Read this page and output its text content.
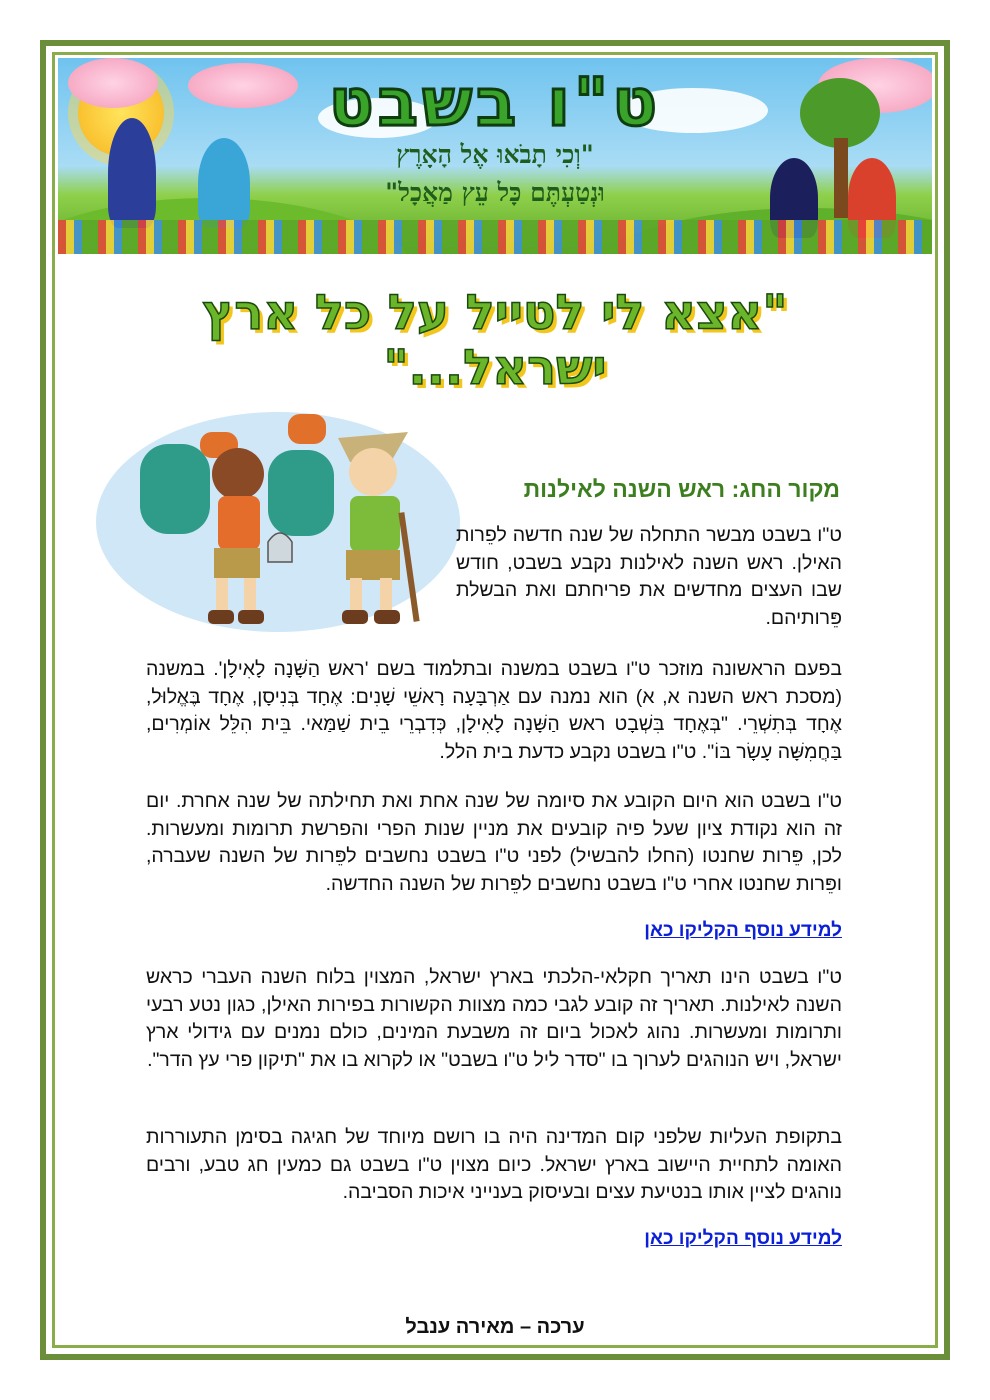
ט"ו בשבט
"וְכִי תָבֹאוּ אֶל הָאָרֶץ
וּנְטַעְתֶּם כָּל עֵץ מַאֲכָל"
"אצא לי לטייל על כל ארץ
ישראל..."
מקור החג: ראש השנה לאילנות

ט"ו בשבט מבשר התחלה של שנה חדשה לפֵרות האילן. ראש השנה לאילנות נקבע בשבט, חודש שבו העצים מחדשים את פריחתם ואת הבשלת פֵּרותיהם.

בפעם הראשונה מוזכר ט"ו בשבט במשנה ובתלמוד בשם 'ראש הַשָּׁנָה לָאִילָן'. במשנה (מסכת ראש השנה א, א) הוא נמנה עם אַרְבָּעָה רָאשֵׁי שָׁנִים: אֶחָד בְּנִיסָן, אֶחָד בֶּאֱלוּל, אֶחָד בְּתִשְׁרֵי. "בְּאֶחָד בִּשְׁבָט ראש הַשָּׁנָה לָאִילָן, כְּדִבְרֵי בֵית שַׁמַּאי. בֵּית הִלֵּל אוֹמְרִים, בַּחֲמִשָּׁה עָשָׂר בּוֹ". ט"ו בשבט נקבע כדעת בית הלל.

ט"ו בשבט הוא היום הקובע את סיומה של שנה אחת ואת תחילתה של שנה אחרת. יום זה הוא נקודת ציון שעל פיה קובעים את מניין שנות הפרי והפרשת תרומות ומעשרות. לכן, פֵּרות שחנטו (החלו להבשיל) לפני ט"ו בשבט נחשבים לפֵּרות של השנה שעברה, ופֵּרות שחנטו אחרי ט"ו בשבט נחשבים לפֵּרות של השנה החדשה.

למידע נוסף הקליקו כאן

ט"ו בשבט הינו תאריך חקלאי-הלכתי בארץ ישראל, המצוין בלוח השנה העברי כראש השנה לאילנות. תאריך זה קובע לגבי כמה מצוות הקשורות בפירות האילן, כגון נטע רבעי ותרומות ומעשרות. נהוג לאכול ביום זה משבעת המינים, כולם נמנים עם גידולי ארץ ישראל, ויש הנוהגים לערוך בו "סדר ליל ט"ו בשבט" או לקרוא בו את "תיקון פרי עץ הדר".

בתקופת העליות שלפני קום המדינה היה בו רושם מיוחד של חגיגה בסימן התעוררות האומה לתחיית היישוב בארץ ישראל. כיום מצוין ט"ו בשבט גם כמעין חג טבע, ורבים נוהגים לציין אותו בנטיעת עצים ובעיסוק בענייני איכות הסביבה.

למידע נוסף הקליקו כאן
ערכה – מאירה ענבל
